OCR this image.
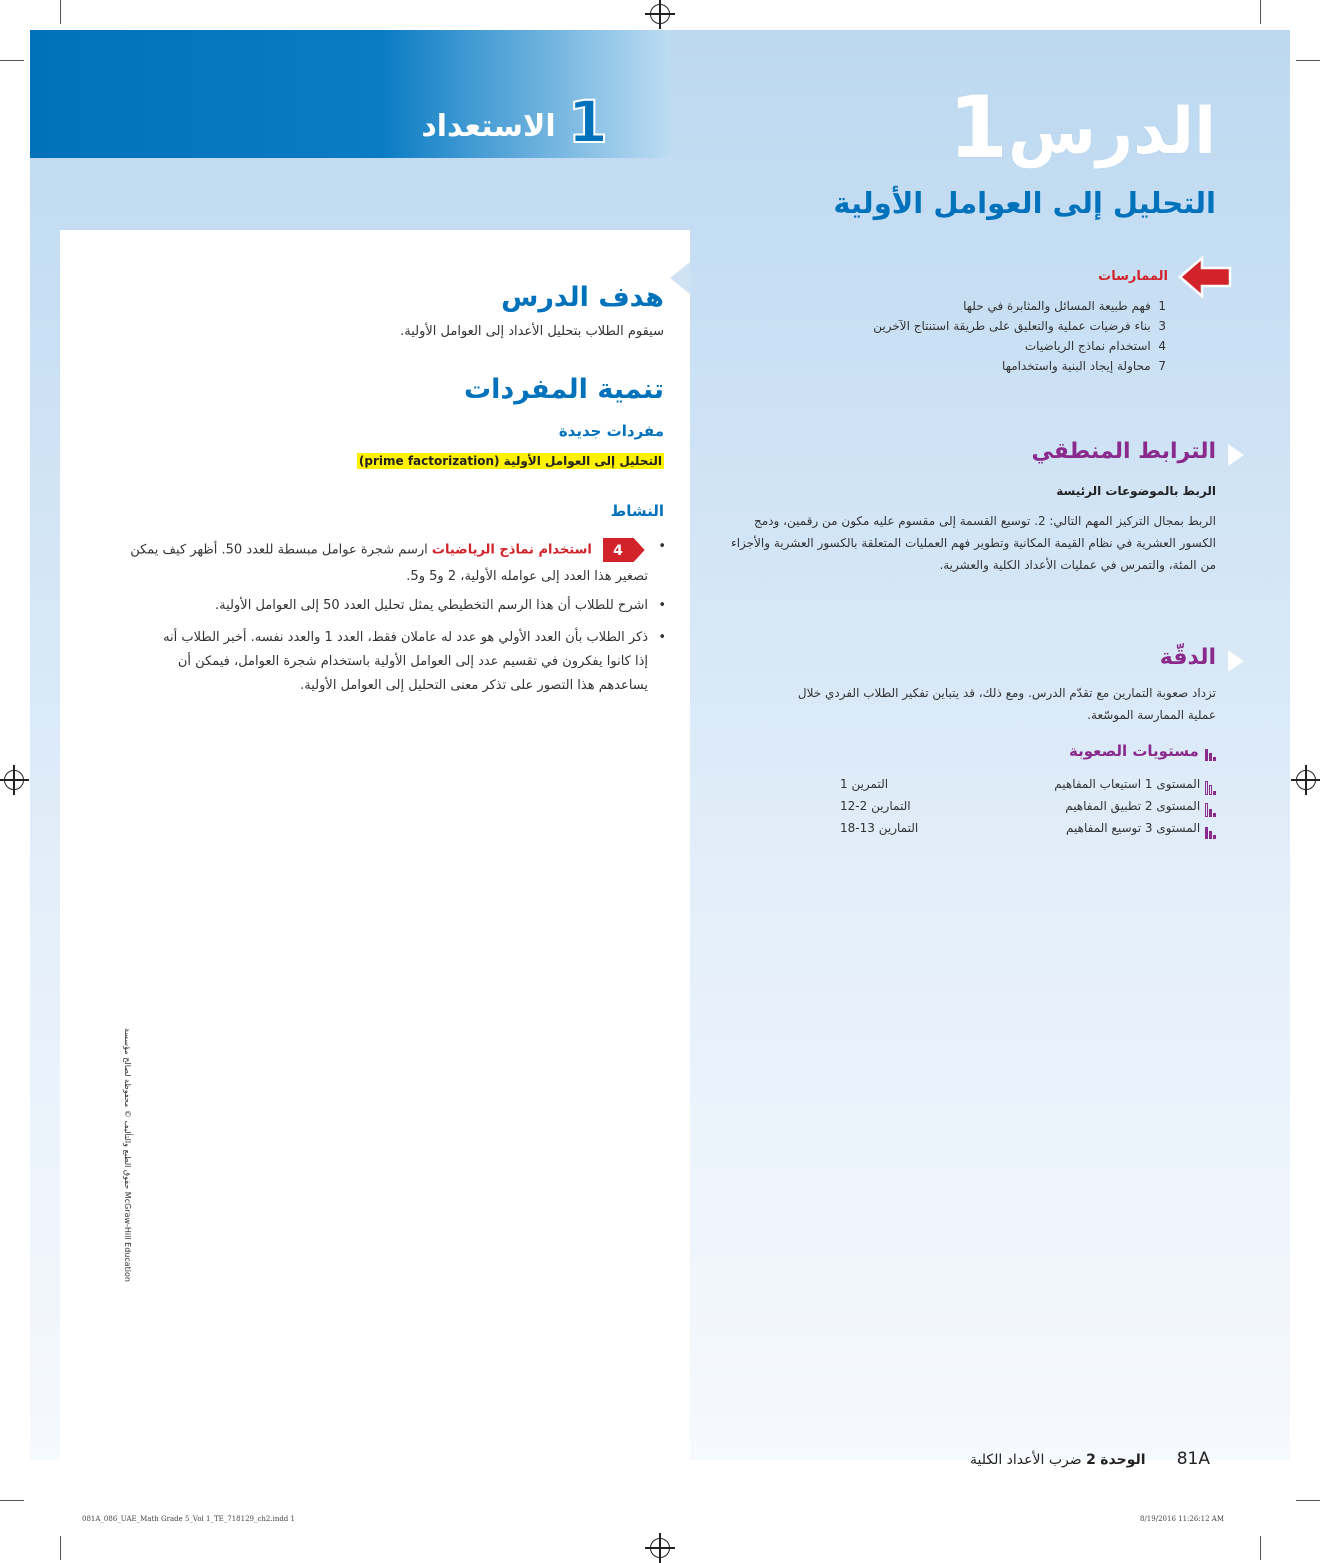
1الاستعداد	الدرس1
التحليل إلى العوامل الأولية
الممارسات
1  فهم طبيعة المسائل والمثابرة في حلها
3  بناء فرضيات عملية والتعليق على طريقة استنتاج الآخرين
4  استخدام نماذج الرياضيات
7  محاولة إيجاد البنية واستخدامها
الترابط المنطقي
الربط بالموضوعات الرئيسة
الربط بمجال التركيز المهم التالي: 2. توسيع القسمة إلى مقسوم عليه مكون من رقمين، ودمج الكسور العشرية في نظام القيمة المكانية وتطوير فهم العمليات المتعلقة بالكسور العشرية والأجزاء من المئة، والتمرس في عمليات الأعداد الكلية والعشرية.
الدقّة
تزداد صعوبة التمارين مع تقدّم الدرس. ومع ذلك، قد يتباين تفكير الطلاب الفردي خلال عملية الممارسة الموسّعة.
مستويات الصعوبة
المستوى 1 استيعاب المفاهيم
التمرين 1
المستوى 2 تطبيق المفاهيم
التمارين 2-12
المستوى 3 توسيع المفاهيم
التمارين 13-18
هدف الدرس
سيقوم الطلاب بتحليل الأعداد إلى العوامل الأولية.
تنمية المفردات
مفردات جديدة
التحليل إلى العوامل الأولية (prime factorization)
النشاط
•
4
استخدام نماذج الرياضيات ارسم شجرة عوامل مبسطة للعدد 50. أظهر كيف يمكن تصغير هذا العدد إلى عوامله الأولية، 2 و5 و5.
•
اشرح للطلاب أن هذا الرسم التخطيطي يمثل تحليل العدد 50 إلى العوامل الأولية.
•
ذكر الطلاب بأن العدد الأولي هو عدد له عاملان فقط، العدد 1 والعدد نفسه. أخبر الطلاب أنه إذا كانوا يفكرون في تقسيم عدد إلى العوامل الأولية باستخدام شجرة العوامل، فيمكن أن يساعدهم هذا التصور على تذكر معنى التحليل إلى العوامل الأولية.
حقوق الطبع والتأليف © محفوظة لصالح مؤسسة McGraw-Hill Education
81A       الوحدة 2 ضرب الأعداد الكلية
081A_086_UAE_Math Grade 5_Vol 1_TE_718129_ch2.indd 1	8/19/2016 11:26:12 AM
